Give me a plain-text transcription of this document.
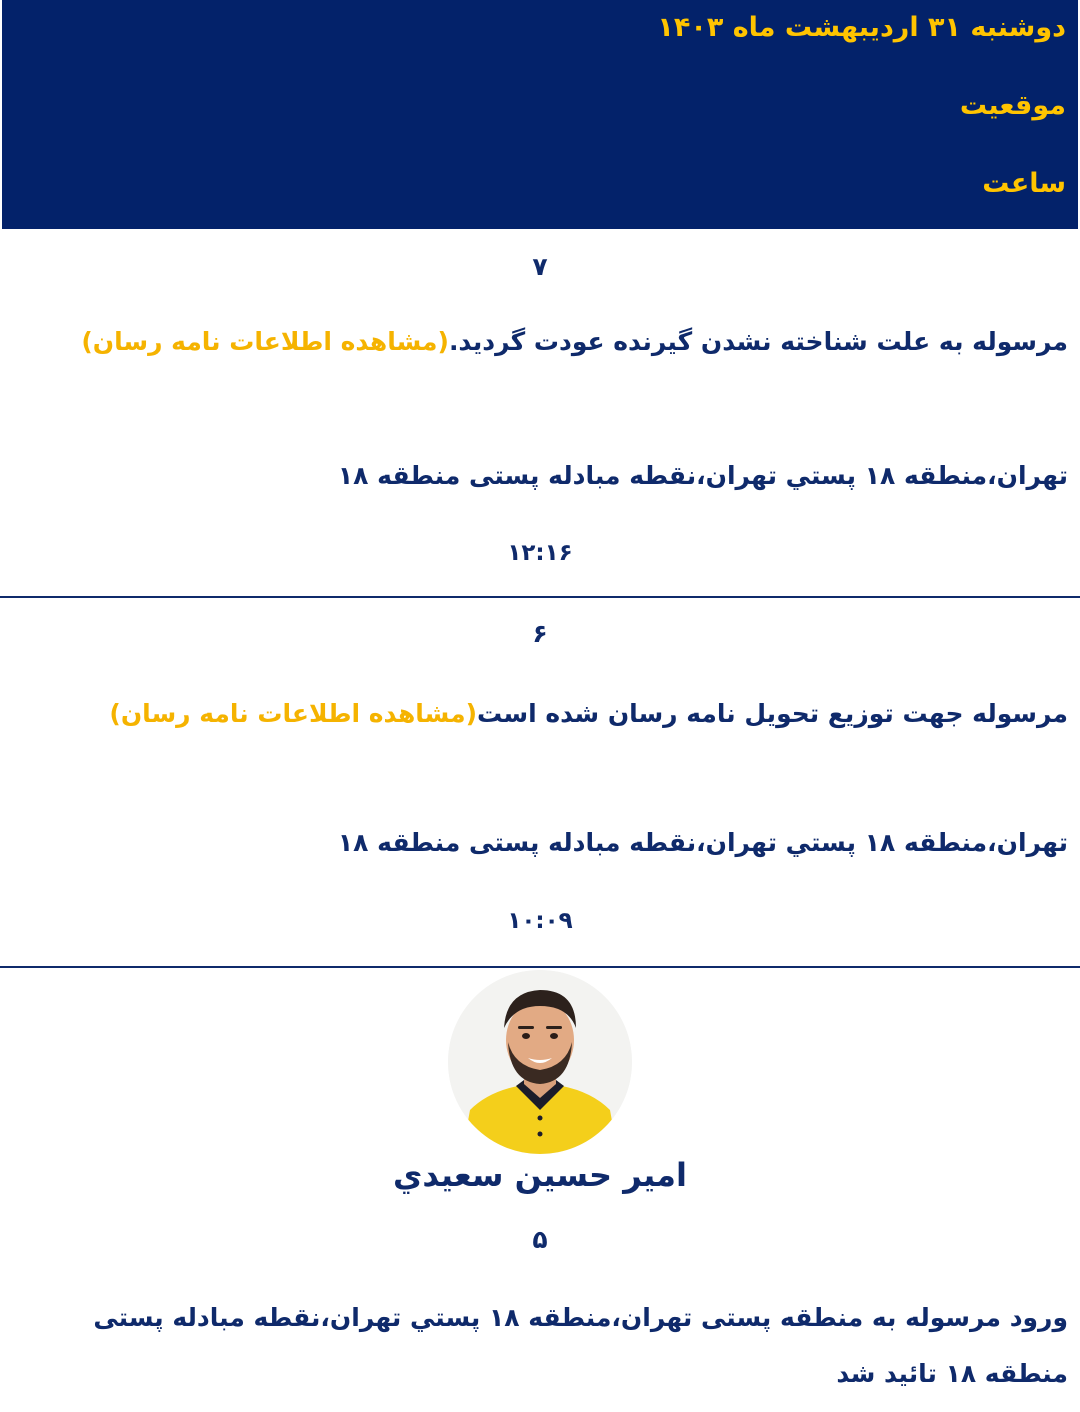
دوشنبه ۳۱ اردیبهشت ماه ۱۴۰۳
موقعیت
ساعت
۷
مرسوله به علت شناخته نشدن گیرنده عودت گردید.(مشاهده اطلاعات نامه رسان)
تهران،منطقه ۱۸ پستي تهران،نقطه مبادله پستی منطقه ۱۸
۱۲:۱۶
۶
مرسوله جهت توزیع تحویل نامه رسان شده است(مشاهده اطلاعات نامه رسان)
تهران،منطقه ۱۸ پستي تهران،نقطه مبادله پستی منطقه ۱۸
۱۰:۰۹
امير حسين سعيدي
۵
ورود مرسوله به منطقه پستی تهران،منطقه ۱۸ پستي تهران،نقطه مبادله پستی منطقه ۱۸ تائید شد
